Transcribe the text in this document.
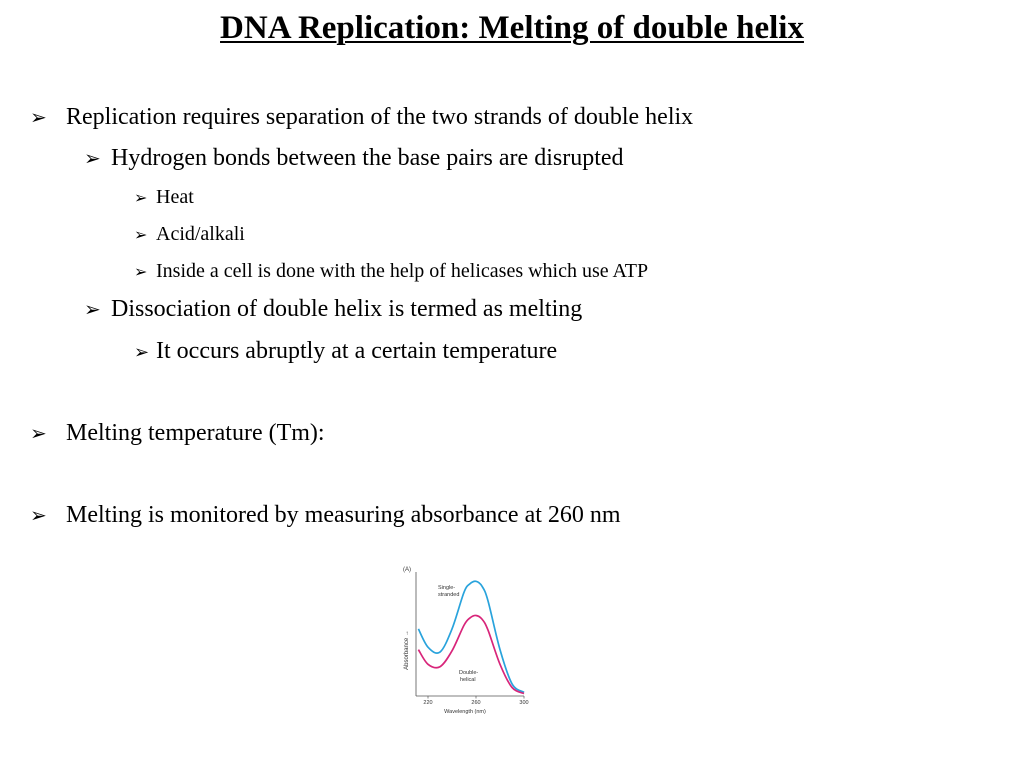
DNA Replication: Melting of double helix
➢ Replication requires separation of the two strands of double helix
➢ Hydrogen bonds between the base pairs are disrupted
➢ Heat
➢ Acid/alkali
➢ Inside a cell is done with the help of helicases which use ATP
➢ Dissociation of double helix is termed as melting
➢ It occurs abruptly at a certain temperature
➢ Melting temperature (Tm):
➢ Melting is monitored by measuring absorbance at 260 nm
(A)
Absorbance →
220	260	300
Single-
stranded
Double-
helical
Wavelength (nm)
